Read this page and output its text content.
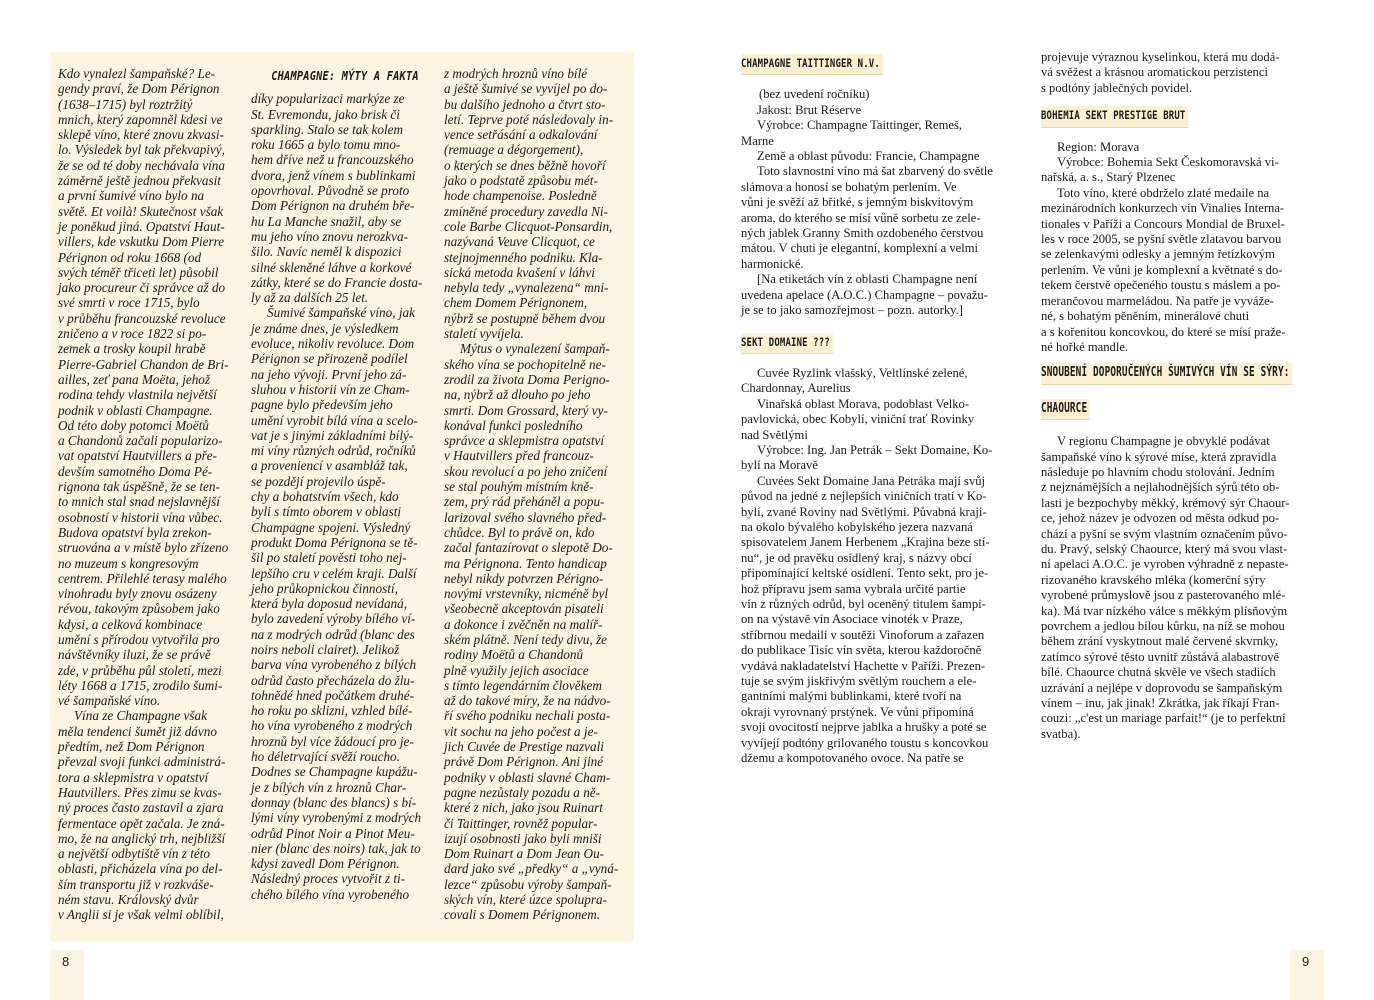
Kdo vynalezl šampaňské? Le-
gendy praví, že Dom Pérignon
(1638–1715) byl roztržitý
mnich, který zapomněl kdesi ve
sklepě víno, které znovu zkvasi-
lo. Výsledek byl tak překvapivý,
že se od té doby nechávala vína
záměrně ještě jednou překvasit
a první šumivé víno bylo na
světě. Et voilà! Skutečnost však
je poněkud jiná. Opatství Haut-
villers, kde vskutku Dom Pierre
Pérignon od roku 1668 (od
svých téměř třiceti let) působil
jako procureur či správce až do
své smrti v roce 1715, bylo
v průběhu francouzské revoluce
zničeno a v roce 1822 si po-
zemek a trosky koupil hrabě
Pierre-Gabriel Chandon de Bri-
ailles, zeť pana Moëta, jehož
rodina tehdy vlastnila největší
podnik v oblasti Champagne.
Od této doby potomci Moëtů
a Chandonů začali popularizo-
vat opatství Hautvillers a pře-
devším samotného Doma Pé-
rignona tak úspěšně, že se ten-
to mnich stal snad nejslavnější
osobností v historii vína vůbec.
Budova opatství byla zrekon-
struována a v místě bylo zřízeno
no muzeum s kongresovým
centrem. Přilehlé terasy malého
vinohradu byly znovu osázeny
révou, takovým způsobem jako
kdysi, a celková kombinace
umění s přírodou vytvořila pro
návštěvníky iluzi, že se právě
zde, v průběhu půl století, mezi
léty 1668 a 1715, zrodilo šumi-
vé šampaňské víno.

Vína ze Champagne však
měla tendenci šumět již dávno
předtím, než Dom Pérignon
převzal svoji funkci administrá-
tora a sklepmistra v opatství
Hautvillers. Přes zimu se kvas-
ný proces často zastavil a zjara
fermentace opět začala. Je zná-
mo, že na anglický trh, nejbližší
a největší odbytiště vín z této
oblasti, přicházela vína po del-
ším transportu již v rozkváše-
ném stavu. Královský dvůr
v Anglii si je však velmi oblíbil,

CHAMPAGNE: MÝTY A FAKTA

díky popularizaci markýze ze
St. Evremondu, jako brisk či
sparkling. Stalo se tak kolem
roku 1665 a bylo tomu mno-
hem dříve než u francouzského
dvora, jenž vínem s bublinkami
opovrhoval. Původně se proto
Dom Pérignon na druhém bře-
hu La Manche snažil, aby se
mu jeho víno znovu nerozkva-
šilo. Navíc neměl k dispozici
silné skleněné láhve a korkové
zátky, které se do Francie dosta-
ly až za dalších 25 let.

Šumivé šampaňské víno, jak
je známe dnes, je výsledkem
evoluce, nikoliv revoluce. Dom
Pérignon se přirozeně podílel
na jeho vývoji. První jeho zá-
sluhou v historii vín ze Cham-
pagne bylo především jeho
umění vyrobit bílá vína a scelo-
vat je s jinými základními bílý-
mi víny různých odrůd, ročníků
a proveniencí v asambláž tak,
se pozdějí projevilo úspě-
chy a bohatstvím všech, kdo
byli s tímto oborem v oblasti
Champagne spojeni. Výsledný
produkt Doma Pérignona se tě-
šil po staletí pověsti toho nej-
lepšího cru v celém kraji. Další
jeho průkopnickou činností,
která byla doposud nevídaná,
bylo zavedení výroby bílého ví-
na z modrých odrůd (blanc des
noirs neboli clairet). Jelikož
barva vína vyrobeného z bílých
odrůd často přecházela do žlu-
tohnědé hned počátkem druhé-
ho roku po sklizni, vzhled bílé-
ho vína vyrobeného z modrých
hroznů byl více žádoucí pro je-
ho déletrvající svěží roucho.
Dodnes se Champagne kupážu-
je z bílých vín z hroznů Char-
donnay (blanc des blancs) s bí-
lými víny vyrobenými z modrých
odrůd Pinot Noir a Pinot Meu-
nier (blanc des noirs) tak, jak to
kdysi zavedl Dom Pérignon.
Následný proces vytvořit z ti-
chého bílého vína vyrobeného

z modrých hroznů víno bílé
a ještě šumivé se vyvíjel po do-
bu dalšího jednoho a čtvrt sto-
letí. Teprve poté následovaly in-
vence setřásání a odkalování
(remuage a dégorgement),
o kterých se dnes běžně hovoří
jako o podstatě způsobu mét-
hode champenoise. Posledně
zmíněné procedury zavedla Ni-
cole Barbe Clicquot-Ponsardin,
nazývaná Veuve Clicquot, ce
stejnojmenného podniku. Kla-
sická metoda kvašení v láhvi
nebyla tedy „vynalezena“ mni-
chem Domem Pérignonem,
nýbrž se postupně během dvou
staletí vyvíjela.

Mýtus o vynalezení šampaň-
ského vína se pochopitelně ne-
zrodil za života Doma Perigno-
na, nýbrž až dlouho po jeho
smrti. Dom Grossard, který vy-
konával funkci posledního
správce a sklepmistra opatství
v Hautvillers před francouz-
skou revolucí a po jeho zničení
se stal pouhým místním kně-
zem, prý rád přeháněl a popu-
larizoval svého slavného před-
chůdce. Byl to právě on, kdo
začal fantazírovat o slepotě Do-
ma Pérignona. Tento handicap
nebyl nikdy potvrzen Périgno-
novými vrstevníky, nicméně byl
všeobecně akceptován pisateli
a dokonce i zvěčněn na malíř-
ském plátně. Není tedy divu, že
rodiny Moëtů a Chandonů
plně využily jejich asociace
s tímto legendárním člověkem
až do takové míry, že na nádvo-
ří svého podniku nechali posta-
vit sochu na jeho počest a je-
jich Cuvée de Prestige nazvali
právě Dom Pérignon. Ani jiné
podniky v oblasti slavné Cham-
pagne nezůstaly pozadu a ně-
které z nich, jako jsou Ruinart
či Taittinger, rovněž popular-
izují osobnosti jako byli mniši
Dom Ruinart a Dom Jean Ou-
dard jako své „předky“ a „vyná-
lezce“ způsobu výroby šampaň-
ských vín, které úzce spolupra-
covali s Domem Pérignonem.

8
CHAMPAGNE TAITTINGER N.V.

(bez uvedení ročníku)

Jakost: Brut Réserve

Výrobce: Champagne Taittinger, Remeš,
Marne

Země a oblast původu: Francie, Champagne

Toto slavnostní víno má šat zbarvený do světle slámova a honosí se bohatým perlením. Ve
vůni je svěží až břitké, s jemným biskvitovým
aroma, do kterého se mísí vůně sorbetu ze zele-
ných jablek Granny Smith ozdobeného čerstvou
mátou. V chuti je elegantní, komplexní a velmi
harmonické.

[Na etiketách vín z oblasti Champagne není
uvedena apelace (A.O.C.) Champagne – považu-
je se to jako samozřejmost – pozn. autorky.]

SEKT DOMAINE ???

Cuvée Ryzlink vlašský, Veltlínské zelené,
Chardonnay, Aurelius

Vinařská oblast Morava, podoblast Velko-
pavlovická, obec Kobylí, viniční trať Rovinky
nad Světlými

Výrobce: Ing. Jan Petrák – Sekt Domaine, Ko-
bylí na Moravě

Cuvées Sekt Domaine Jana Petráka mají svůj
původ na jedné z nejlepších viničních tratí v Ko-
bylí, zvané Roviny nad Světlými. Půvabná kraji-
na okolo bývalého kobylského jezera nazvaná
spisovatelem Janem Herbenem „Krajina beze stí-
nu“, je od pravěku osídlený kraj, s názvy obcí
připomínající keltské osídlení. Tento sekt, pro je-
hož přípravu jsem sama vybrala určité partie
vín z různých odrůd, byl oceněný titulem šampi-
on na výstavě vín Asociace vinoték v Praze,
stříbrnou medailí v soutěži Vinoforum a zařazen
do publikace Tisíc vín světa, kterou každoročně
vydává nakladatelství Hachette v Paříži. Prezen-
tuje se svým jiskřivým světlým rouchem a ele-
gantními malými bublinkami, které tvoří na
okraji vyrovnaný prstýnek. Ve vůni připomíná
svoji ovocitostí nejprve jablka a hrušky a poté se
vyvíjejí podtóny grilovaného toustu s koncovkou
džemu a kompotovaného ovoce. Na patře se

projevuje výraznou kyselinkou, která mu dodá-
vá svěžest a krásnou aromatickou perzistenci
s podtóny jablečných povidel.

BOHEMIA SEKT PRESTIGE BRUT

Region: Morava

Výrobce: Bohemia Sekt Českomoravská vi-
nařská, a. s., Starý Plzenec

Toto víno, které obdrželo zlaté medaile na
mezinárodních konkurzech vín Vinalies Interna-
tionales v Paříži a Concours Mondial de Bruxel-
les v roce 2005, se pyšní světle zlatavou barvou
se zelenkavými odlesky a jemným řetízkovým
perlením. Ve vůni je komplexní a květnaté s do-
tekem čerstvě opečeného toustu s máslem a po-
merančovou marmeládou. Na patře je vyváže-
né, s bohatým pěněním, minerálové chuti
a s kořenitou koncovkou, do které se mísí praže-
né hořké mandle.

SNOUBENÍ DOPORUČENÝCH ŠUMIVÝCH VÍN SE SÝRY:
CHAOURCE

V regionu Champagne je obvyklé podávat
šampaňské víno k sýrové míse, která zpravidla
následuje po hlavním chodu stolování. Jedním
z nejznámějších a nejlahodnějších sýrů této ob-
lasti je bezpochyby měkký, krémový sýr Chaour-
ce, jehož název je odvozen od města odkud po-
chází a pyšní se svým vlastním označením půvo-
du. Pravý, selský Chaource, který má svou vlast-
ní apelaci A.O.C. je vyroben výhradně z nepaste-
rizovaného kravského mléka (komerční sýry
vyrobené průmyslově jsou z pasterovaného mlé-
ka). Má tvar nízkého válce s měkkým plísňovým
povrchem a jedlou bílou kůrku, na níž se mohou
během zrání vyskytnout malé červené skvrnky,
zatímco sýrové těsto uvnitř zůstává alabastrově
bílé. Chaource chutná skvěle ve všech stadiích
uzrávání a nejlépe v doprovodu se šampaňským
vínem – inu, jak jinak! Zkrátka, jak říkají Fran-
couzi: „c'est un mariage parfait!“ (je to perfektní
svatba).

9
